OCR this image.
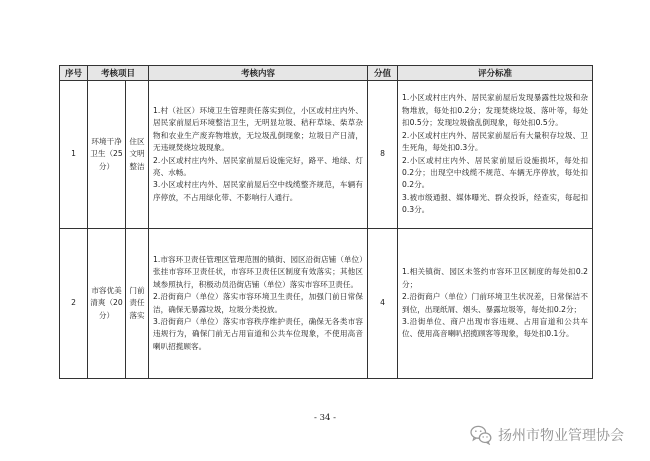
序号	考核项目		考核内容	分值	评分标准
1	环境干净卫生（25分）	住区文明整洁	1.村（社区）环境卫生管理责任落实到位，小区或村庄内外、居民家前屋后环境整洁卫生，无明显垃圾、秸秆草垛、柴草杂物和农业生产废弃物堆放，无垃圾乱倒现象；垃圾日产日清，无违规焚烧垃圾现象。
2.小区或村庄内外、居民家前屋后设施完好，路平、地绿、灯亮、水畅。
3.小区或村庄内外、居民家前屋后空中线缆整齐规范，车辆有序停放，不占用绿化带、不影响行人通行。	8	1.小区或村庄内外、居民家前屋后发现暴露性垃圾和杂物堆放，每处扣0.2分；发现焚烧垃圾、落叶等，每处扣0.5分；发现垃圾偷乱倒现象，每处扣0.5分。
2.小区或村庄内外、居民家前屋后有大量积存垃圾、卫生死角，每处扣0.3分。
2.小区或村庄内外、居民家前屋后设施损坏，每处扣0.2分；出现空中线缆不规范、车辆无序停放，每处扣0.2分。
3.被市级通报、媒体曝光、群众投诉，经查实，每起扣0.3分。

2	市容优美清爽（20分）	门前责任落实	1.市容环卫责任管理区管理范围的镇街、园区沿街店铺（单位）张挂市容环卫责任状，市容环卫责任区制度有效落实；其他区域参照执行，积极动员沿街店铺（单位）落实市容环卫责任。
2.沿街商户（单位）落实市容环境卫生责任，加强门前日常保洁，确保无暴露垃圾，垃圾分类投放。
3.沿街商户（单位）落实市容秩序维护责任，确保无各类市容违规行为，确保门前无占用盲道和公共车位现象，不使用高音喇叭招揽顾客。	4	1.相关镇街、园区未签约市容环卫区制度的每处扣0.2分；
2.沿街商户（单位）门前环境卫生状况差，日常保洁不到位，出现纸屑、烟头、暴露垃圾等，每处扣0.2分；
3.沿街单位、商户出现市容违规、占用盲道和公共车位、使用高音喇叭招揽顾客等现象，每处扣0.1分。
- 34 -
扬州市物业管理协会
